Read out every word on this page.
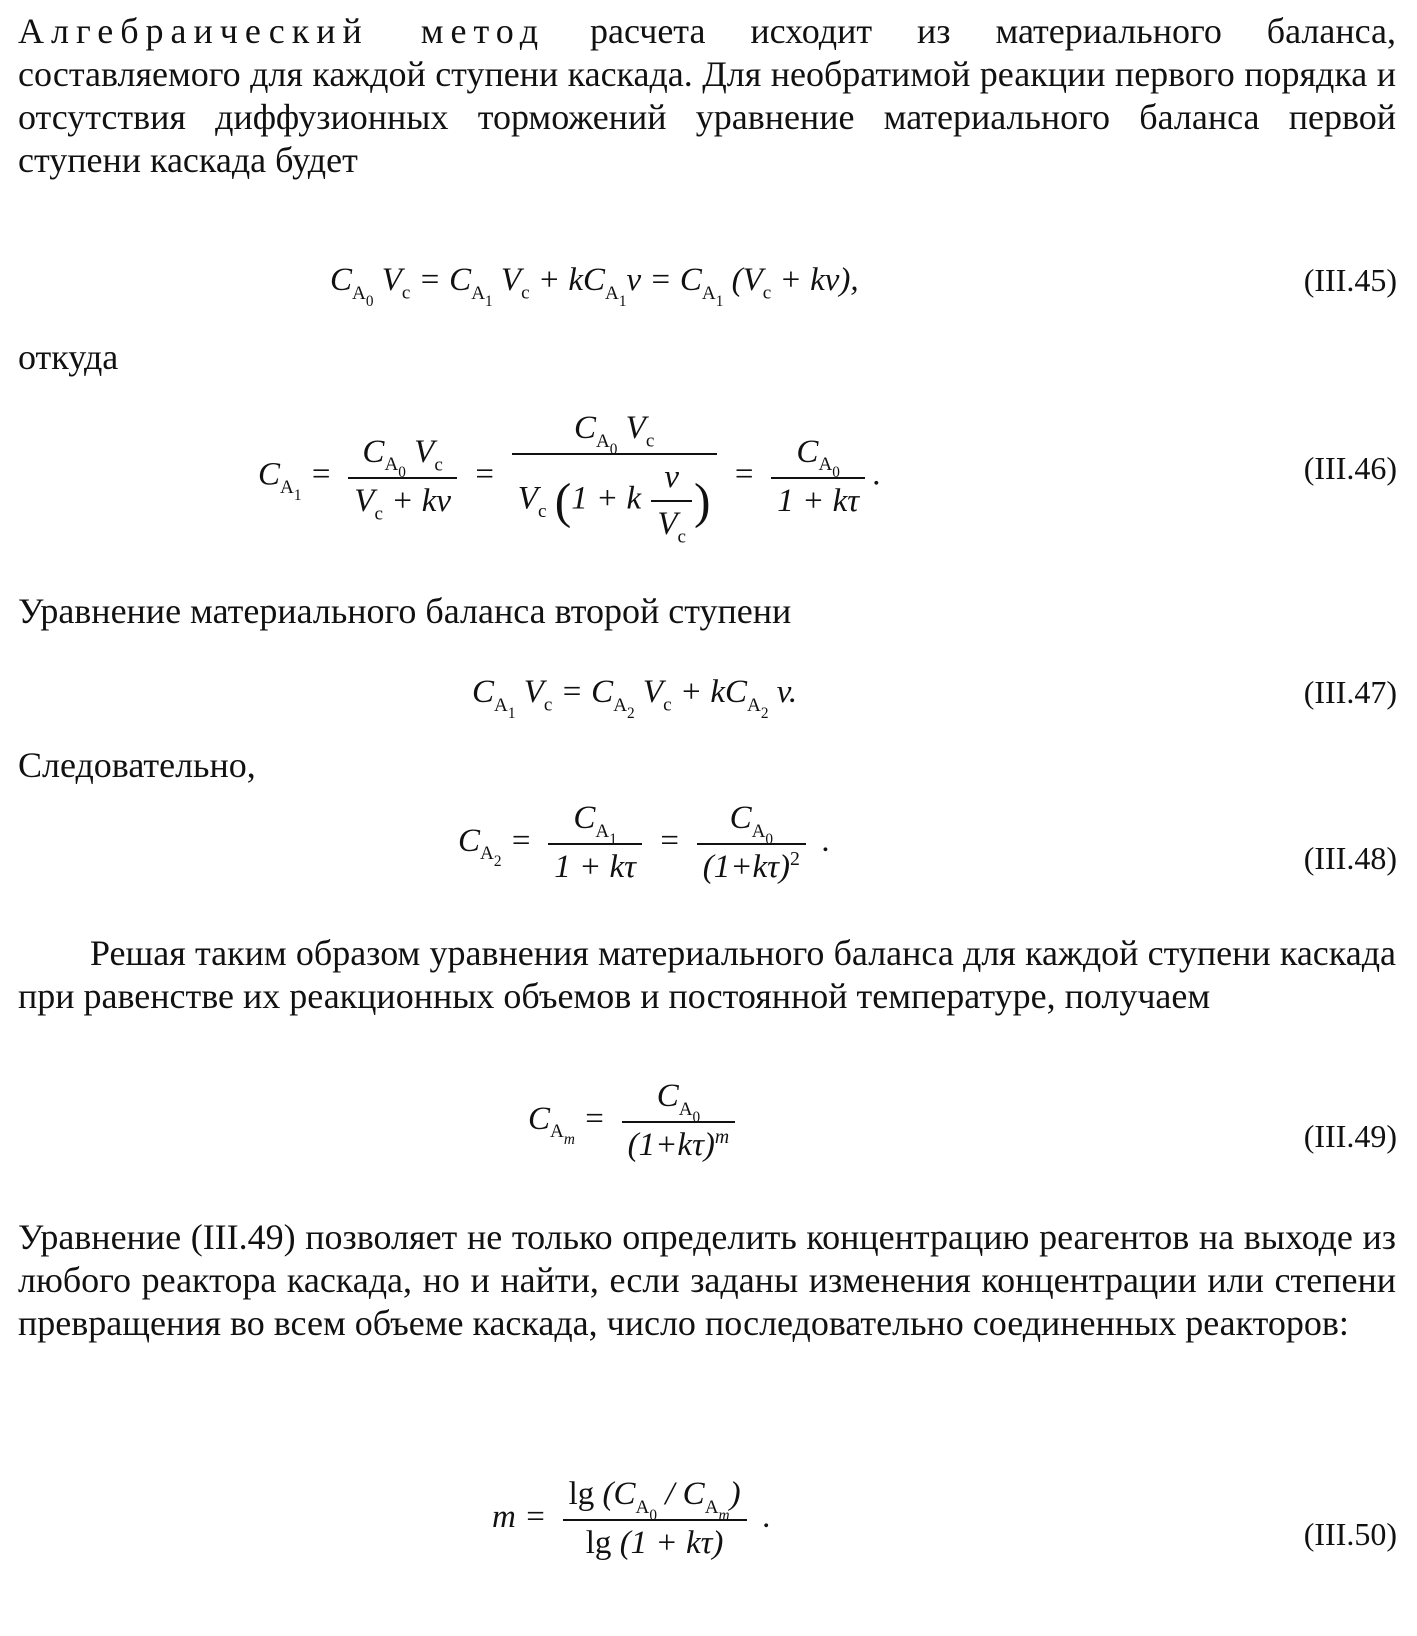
Алгебраический метод расчета исходит из материального баланса, составляемого для каждой ступени каскада. Для необратимой реакции первого порядка и отсутствия диффузионных торможений уравнение материального баланса первой ступени каскада будет

$C_{A_0}$ $V_с = C_{A_1}$ $V_с + kC_{A_1}v = C_{A_1}$ $(V_с + kv)$,	(III.45)

откуда

$C_{A_1} = \frac{C_{A_0} V_с}{V_с + kv} = \frac{C_{A_0} V_с}{V_с (1 + k \frac{v}{V_с} )} = \frac{C_{A_0}}{1 + k\tau}$ .	(III.46)

Уравнение материального баланса второй ступени

$C_{A_1}$ $V_с = C_{A_2}$ $V_с + kC_{A_2}$ v.	(III.47)

Следовательно,

$C_{A_2} = \frac{C_{A_1}}{1 + k\tau} = \frac{C_{A_0}}{(1+k\tau)^2}$ .	(III.48)

Решая таким образом уравнения материального баланса для каждой ступени каскада при равенстве их реакционных объемов и постоянной температуре, получаем

$C_{A_m} = \frac{C_{A_0}}{(1+k\tau)^m}$	(III.49)

Уравнение (III.49) позволяет не только определить концентрацию реагентов на выходе из любого реактора каскада, но и найти, если заданы изменения концентрации или степени превращения во всем объеме каскада, число последовательно соединенных реакторов:

$m = \frac{\lg (C_{A_0} / C_{A_m})}{\lg (1 + k\tau)}$ .	(III.50)
